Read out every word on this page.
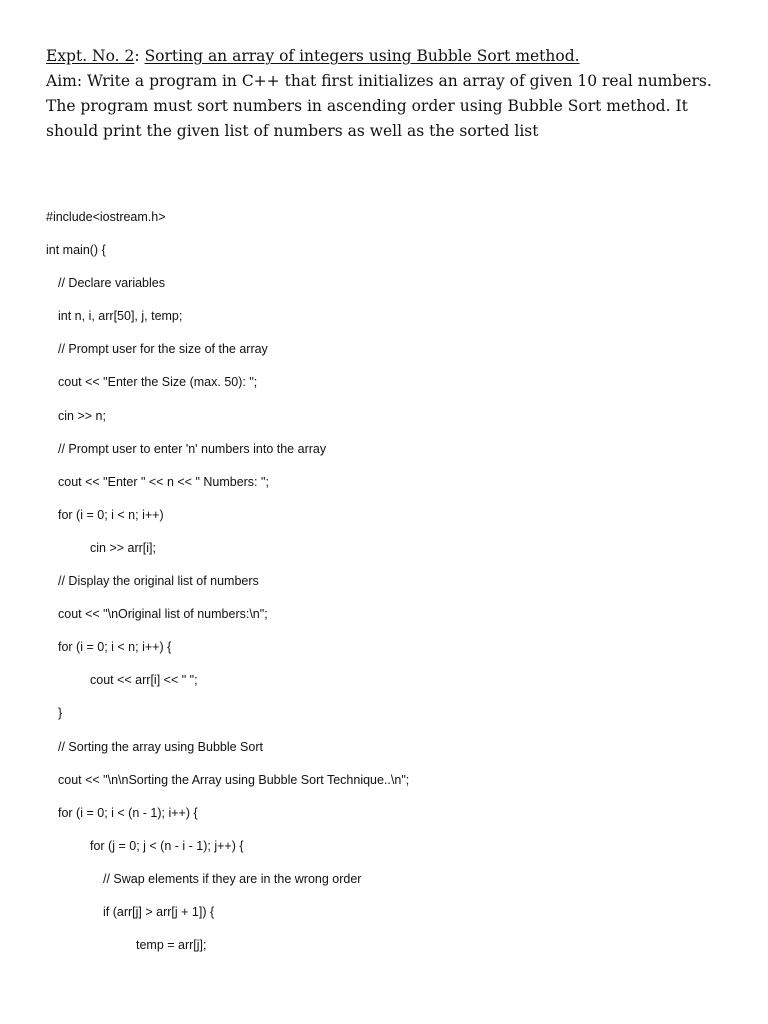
Expt. No. 2: Sorting an array of integers using Bubble Sort method.

Aim: Write a program in C++ that first initializes an array of given 10 real numbers. The program must sort numbers in ascending order using Bubble Sort method. It should print the given list of numbers as well as the sorted list

#include<iostream.h>
int main() {
// Declare variables
int n, i, arr[50], j, temp;
// Prompt user for the size of the array
cout << "Enter the Size (max. 50): ";
cin >> n;
// Prompt user to enter 'n' numbers into the array
cout << "Enter " << n << " Numbers: ";
for (i = 0; i < n; i++)
cin >> arr[i];
// Display the original list of numbers
cout << "\nOriginal list of numbers:\n";
for (i = 0; i < n; i++) {
cout << arr[i] << " ";
}
// Sorting the array using Bubble Sort
cout << "\n\nSorting the Array using Bubble Sort Technique..\n";
for (i = 0; i < (n - 1); i++) {
for (j = 0; j < (n - i - 1); j++) {
// Swap elements if they are in the wrong order
if (arr[j] > arr[j + 1]) {
temp = arr[j];
